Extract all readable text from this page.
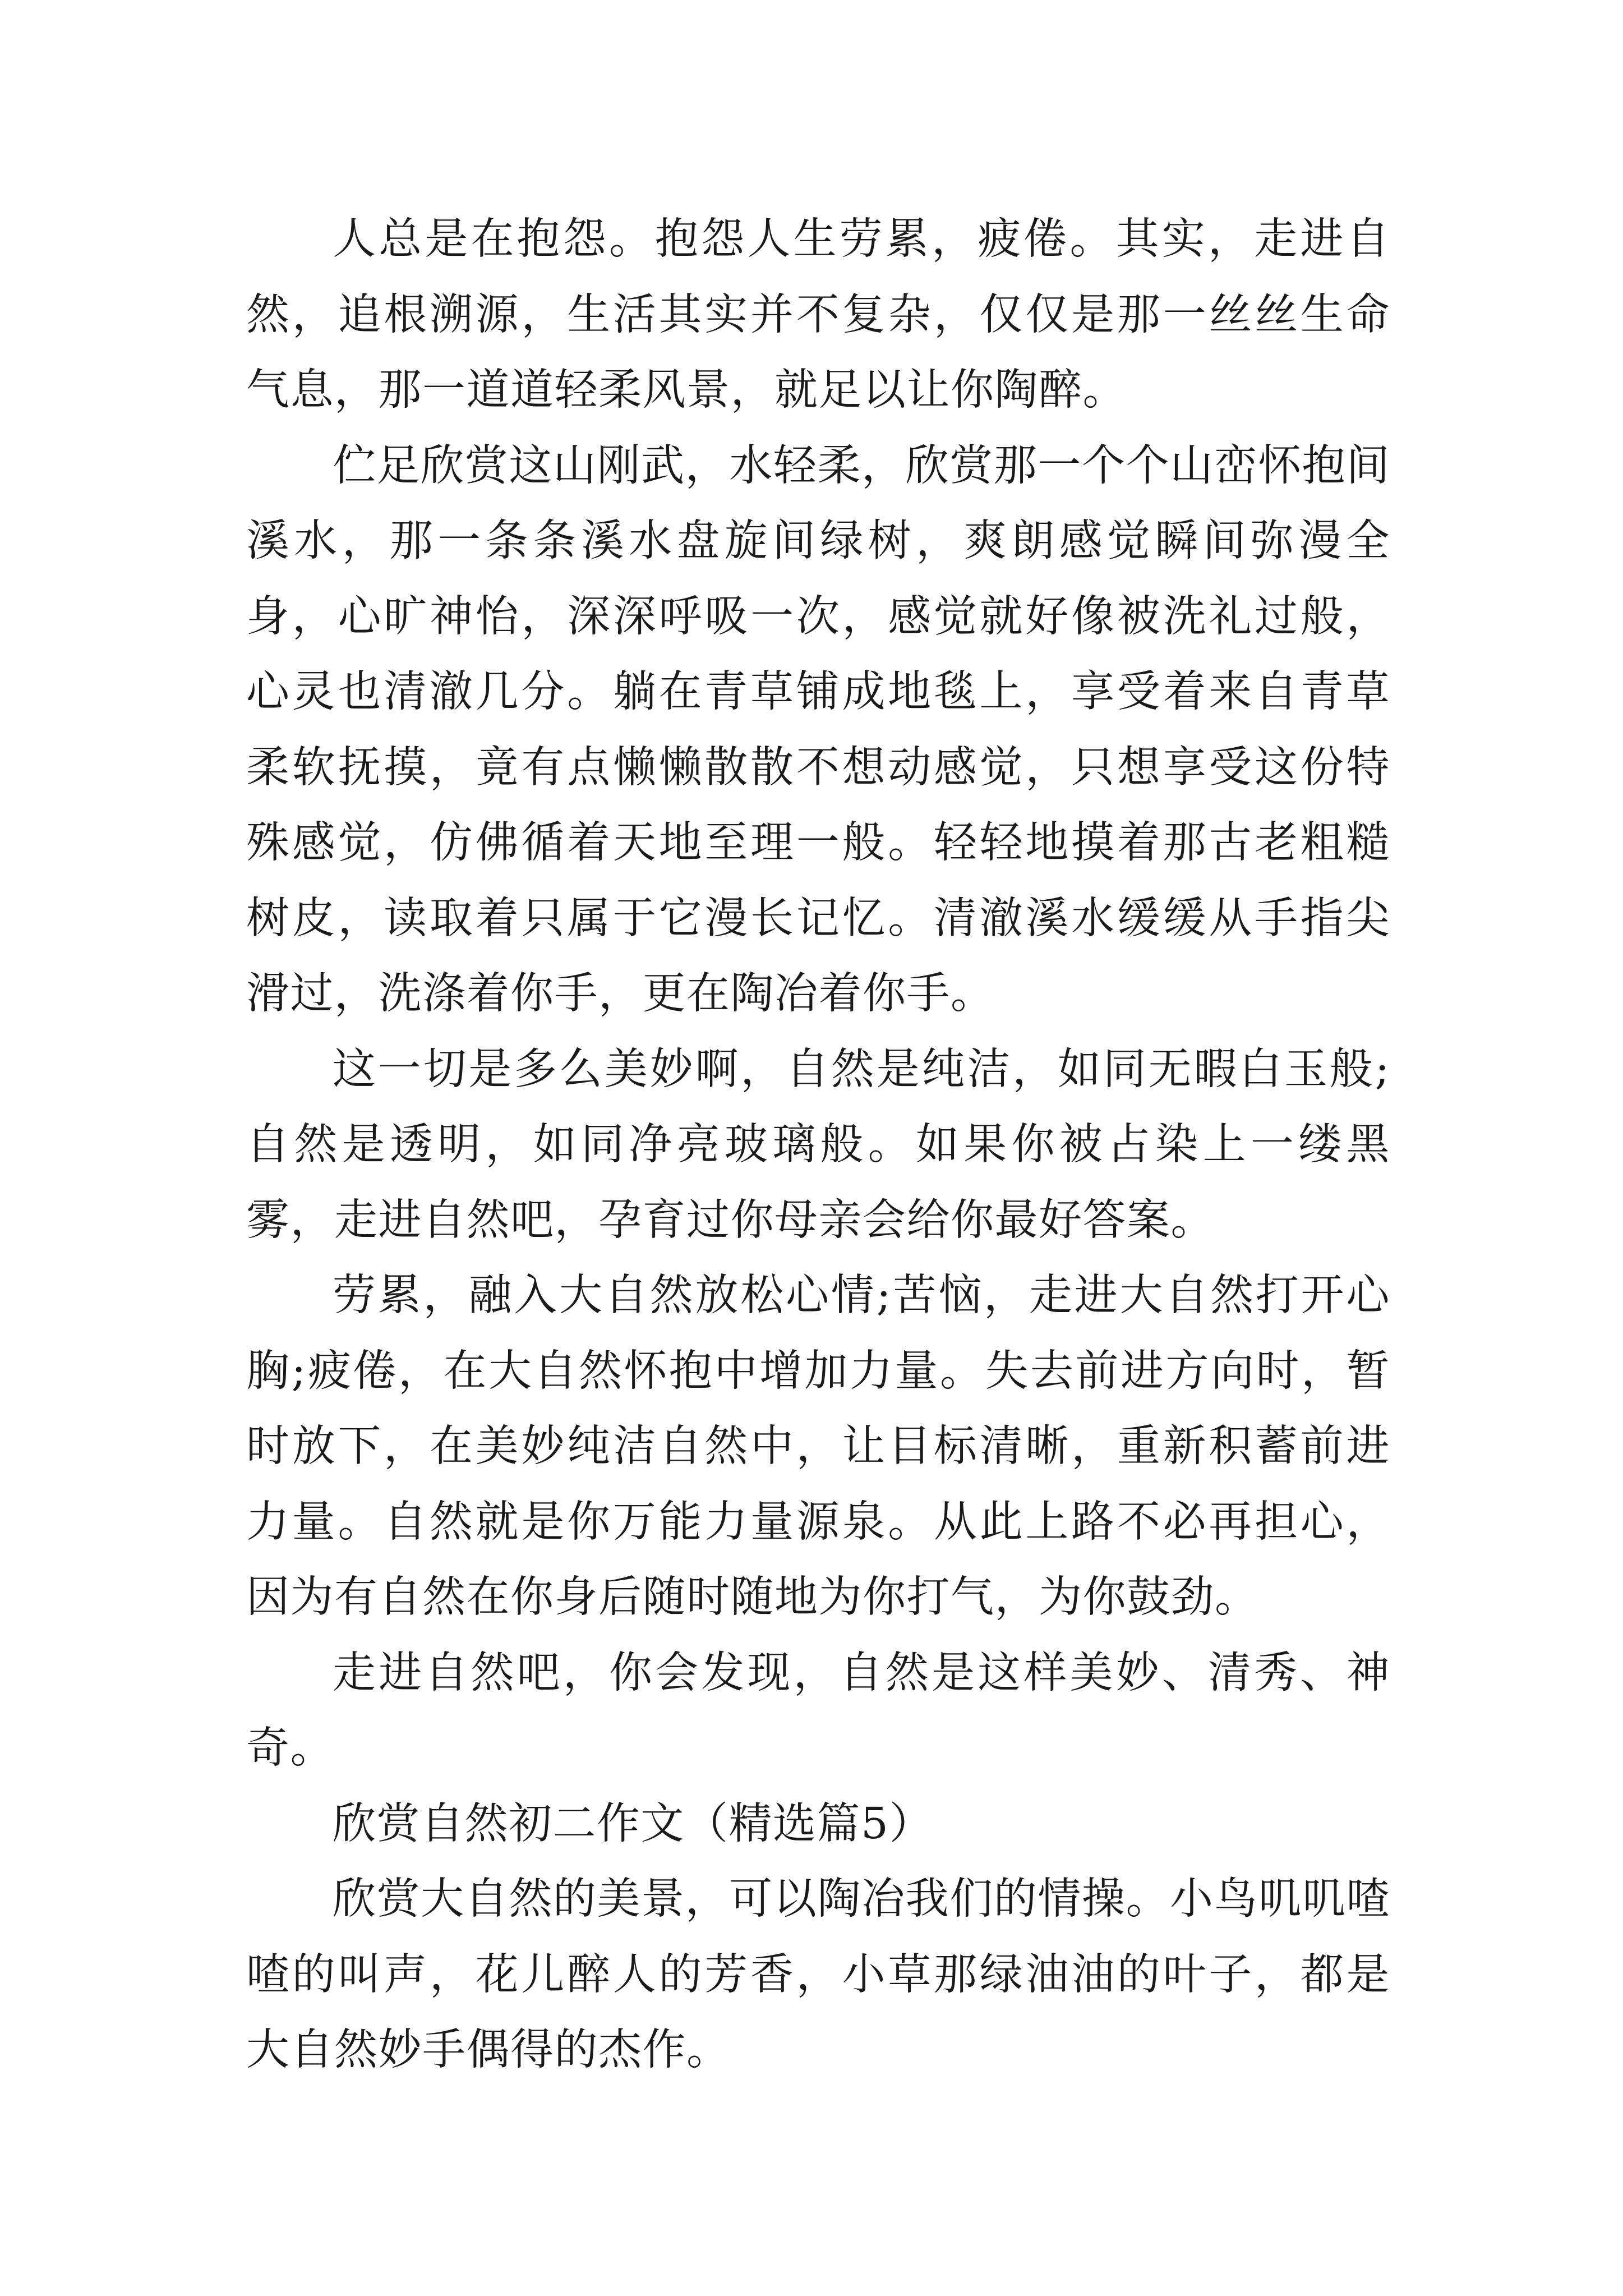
人总是在抱怨。抱怨人生劳累，疲倦。其实，走进自然，追根溯源，生活其实并不复杂，仅仅是那一丝丝生命气息，那一道道轻柔风景，就足以让你陶醉。

伫足欣赏这山刚武，水轻柔，欣赏那一个个山峦怀抱间溪水，那一条条溪水盘旋间绿树，爽朗感觉瞬间弥漫全身，心旷神怡，深深呼吸一次，感觉就好像被洗礼过般，心灵也清澈几分。躺在青草铺成地毯上，享受着来自青草柔软抚摸，竟有点懒懒散散不想动感觉，只想享受这份特殊感觉，仿佛循着天地至理一般。轻轻地摸着那古老粗糙树皮，读取着只属于它漫长记忆。清澈溪水缓缓从手指尖滑过，洗涤着你手，更在陶冶着你手。

这一切是多么美妙啊，自然是纯洁，如同无暇白玉般;自然是透明，如同净亮玻璃般。如果你被占染上一缕黑雾，走进自然吧，孕育过你母亲会给你最好答案。

劳累，融入大自然放松心情;苦恼，走进大自然打开心胸;疲倦，在大自然怀抱中增加力量。失去前进方向时，暂时放下，在美妙纯洁自然中，让目标清晰，重新积蓄前进力量。自然就是你万能力量源泉。从此上路不必再担心，因为有自然在你身后随时随地为你打气，为你鼓劲。

走进自然吧，你会发现，自然是这样美妙、清秀、神奇。

欣赏自然初二作文（精选篇5）

欣赏大自然的美景，可以陶冶我们的情操。小鸟叽叽喳喳的叫声，花儿醉人的芳香，小草那绿油油的叶子，都是大自然妙手偶得的杰作。
